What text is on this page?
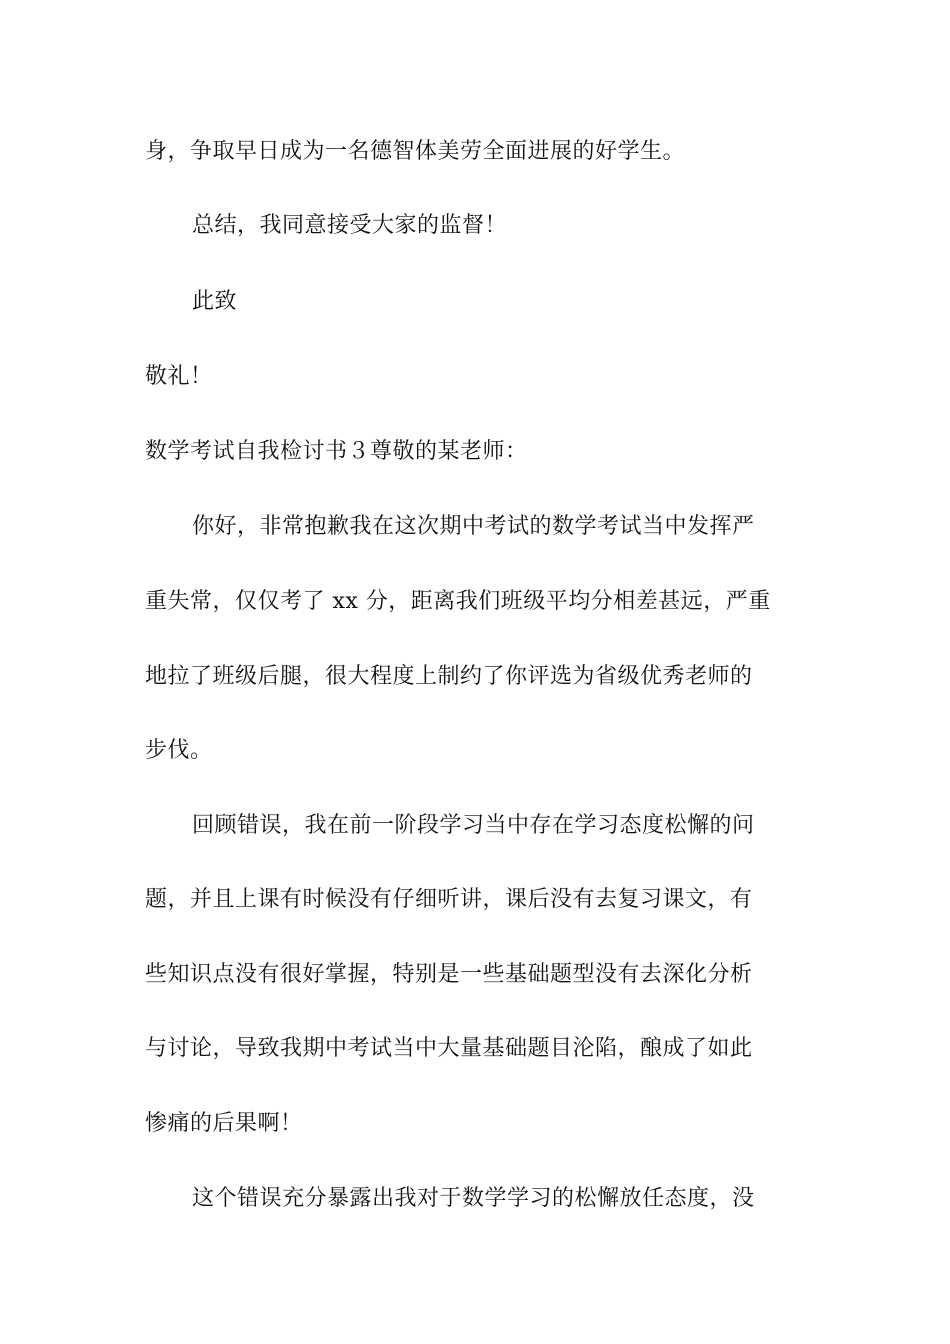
身，争取早日成为一名德智体美劳全面进展的好学生。
总结，我同意接受大家的监督！
此致
敬礼！
数学考试自我检讨书３尊敬的某老师：
你好，非常抱歉我在这次期中考试的数学考试当中发挥严
重失常，仅仅考了 xx 分，距离我们班级平均分相差甚远，严重
地拉了班级后腿，很大程度上制约了你评选为省级优秀老师的
步伐。
回顾错误，我在前一阶段学习当中存在学习态度松懈的问
题，并且上课有时候没有仔细听讲，课后没有去复习课文，有
些知识点没有很好掌握，特别是一些基础题型没有去深化分析
与讨论，导致我期中考试当中大量基础题目沦陷，酿成了如此
惨痛的后果啊！
这个错误充分暴露出我对于数学学习的松懈放任态度，没
